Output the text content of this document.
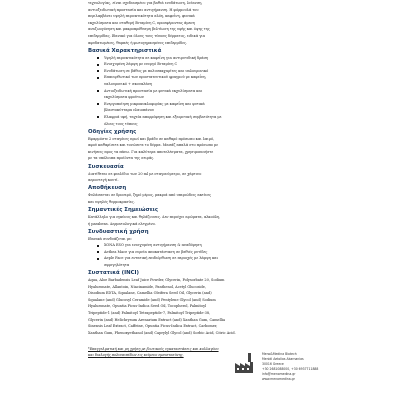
τεχνολογίας, είναι σχεδιασμένο για βαθιά ενυδάτωση, λείανση,
αντιοξειδωτική προστασία και αντιγήρανση. Η φόρμουλά του
περιλαμβάνει υψηλή περιεκτικότητα αλόη, καφεΐνη, φυσικά
εκχυλίσματα και σταθερή Βιταμίνη C, προσφέροντας άμεση
αναζωογόνηση και μακροπρόθεσμη βελτίωση της υφής και όψης της
επιδερμίδας. Ιδανικό για όλους τους τύπους δέρματος, ειδικά για
αφυδατωμένες, θαμπές ή φωτογηρασμένες επιδερμίδες.
Βασικά Χαρακτηριστικά
Υψηλή περιεκτικότητα σε καφεΐνη για αντιρυτιδική δράση
Ενισχυμένη λάμψη με ενεργό Βιταμίνη C
Ενυδάτωση σε βάθος με πολυσακχαρίτες και υαλουρονικό
Επανορθωτικό των προστατευτικού φραγμού με καφεΐνη,
υαλουρονικό + σκουαλάνη
Αντιοξειδωτική προστασία με φυτικά εκχυλίσματα και
εκχυλίσματα φρούτων
Ενεργοποίηση μικροκυκλοφορίας με καφεΐνη και φυτικά
βλαστοκύτταρα ελαιοπάνου
Ελαφριά υφή, ταχεία απορρόφηση και εξαιρετική συμβατότητα με
όλους τους τύπους
Οδηγίες χρήσης
Εφαρμόστε 2 σταγόνες πρωί και βράδυ σε καθαρό πρόσωπο και λαιμό,
αφού καθαρίσετε και τονώσετε το δέρμα. Μασάζ απαλά στο πρόσωπο με
κινήσεις προς τα πάνω. Για καλύτερα αποτελέσματα, χρησιμοποιήστε
με τα υπόλοιπα προϊόντα της σειράς.
Συσκευασία
Διατίθεται σε φιαλίδιο των 20 ml με σταγονόμετρο, σε χάρτινο
αεροστεγή κουτί.
Αποθήκευση
Φυλάσσεται σε δροσερό, ξηρό μέρος, μακριά από υπεριώδεις ακτίνες
και υψηλές θερμοκρασίες.
Σημαντικές Σημειώσεις
Κατάλληλο για εγκύους και θηλάζουσες. Δεν περιέχει αρώματα, αλκοόλη,
ή parabens. Δερματολογικά ελεγμένο.
Συνδυαστική χρήση
Ιδανικά συνδυάζεται με:
XONA ESO για ενισχυμένη αντιγήρανση & αναδόμηση
Aethea Mace για ευρεία αποκατάσταση σε βαθιές ρυτίδες
Aeple Face για εντατική επιδιόρθωση σε περιοχές με λάμψη και
σφριγηλότητα
Συστατικά (INCI)
Aqua, Aloe Barbadensis Leaf Juice Powder, Glycerin, Polysorbate 20, Sodium
Hyaluronate, Allantoin, Niacinamide, Panthenol, Acetyl Glucoside,
Disodium EDTA, Squalane, Camellia Oleifera Seed Oil, Glycerin (and)
Squalane (and) Glucosyl Ceramide (and) Pentylene Glycol (and) Sodium
Hyaluronate, Opuntia Ficus-Indica Seed Oil, Tocopherol, Palmitoyl
Tripeptide-1 (and) Palmitoyl Tetrapeptide-7, Palmitoyl Tripeptide-38,
Glycerin (and) Helichrysum Arenarium Extract (and) Xanthan Gum, Camellia
Sinensis Leaf Extract, Caffeine, Opuntia Ficus-Indica Extract, Carbomer,
Xanthan Gum, Phenoxyethanol (and) Caprylyl Glycol (and) Sorbic Acid, Citric Acid.
*Επαγγελματική και μη χρήση με βιωτικούς εγκαταστάσεις και κολλαγόνο
και διαλογής πολυεπιπέδων εις κείμενο εμπιστοσύνης.	Meno&Medina Biotech
Menidi Aetolias Akarnanias
30016 Greece
+30 2681088000, +30 6937711888
info@menomedina.gr
www.menomedina.gr
